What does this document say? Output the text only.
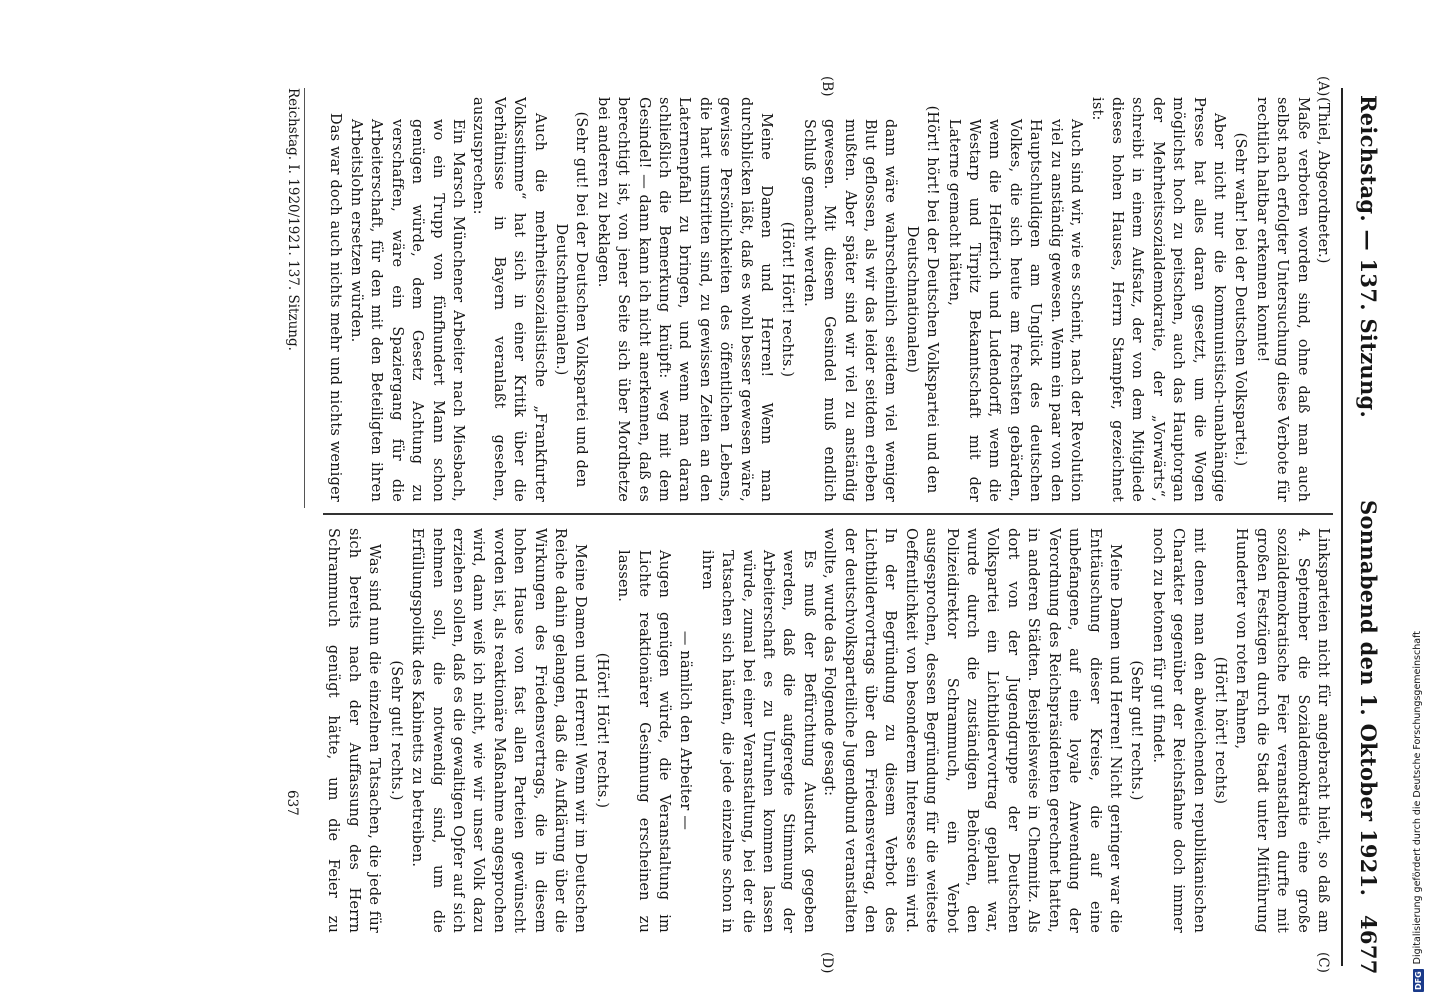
Reichstag. — 137. Sitzung.
Sonnabend den 1. Oktober 1921.
4677
(A)
(B)
(C)
(D)

(Thiel, Abgeordneter.)

Maße verboten worden sind, ohne daß man auch selbst nach erfolgter Untersuchung diese Verbote für rechtlich haltbar erkennen konnte!

(Sehr wahr! bei der Deutschen Volkspartei.)

Aber nicht nur die kommunistisch-unabhängige Presse hat alles daran gesetzt, um die Wogen möglichst hoch zu peitschen, auch das Hauptorgan der Mehrheitssozialdemokratie, der „Vorwärts“, schreibt in einem Aufsatz, der von dem Mitgliede dieses hohen Hauses, Herrn Stampfer, gezeichnet ist:

Auch sind wir, wie es scheint, nach der Revolution viel zu anständig gewesen. Wenn ein paar von den Hauptschuldigen am Unglück des deutschen Volkes, die sich heute am frechsten gebärden, wenn die Helfferich und Ludendorff, wenn die Westarp und Tirpitz Bekanntschaft mit der Laterne gemacht hätten,

(Hört! hört! bei der Deutschen Volkspartei und den Deutschnationalen)

dann wäre wahrscheinlich seitdem viel weniger Blut geflossen, als wir das leider seitdem erleben mußten. Aber später sind wir viel zu anständig gewesen. Mit diesem Gesindel muß endlich Schluß gemacht werden.

(Hört! Hört! rechts.)

Meine Damen und Herren! Wenn man durchblicken läßt, daß es wohl besser gewesen wäre, gewisse Persönlichkeiten des öffentlichen Lebens, die hart umstritten sind, zu gewissen Zeiten an den Laternenpfahl zu bringen, und wenn man daran schließlich die Bemerkung knüpft: weg mit dem Gesindel! — dann kann ich nicht anerkennen, daß es berechtigt ist, von jener Seite sich über Mordhetze bei anderen zu beklagen.

(Sehr gut! bei der Deutschen Volkspartei und den Deutschnationalen.)

Auch die mehrheitssozialistische „Frankfurter Volksstimme“ hat sich in einer Kritik über die Verhältnisse in Bayern veranlaßt gesehen, auszusprechen:

Ein Marsch Münchener Arbeiter nach Miesbach, wo ein Trupp von fünfhundert Mann schon genügen würde, dem Gesetz Achtung zu verschaffen, wäre ein Spaziergang für die Arbeiterschaft, für den mit den Beteiligten ihren Arbeitslohn ersetzen würden.

Das war doch auch nichts mehr und nichts weniger

Linksparteien nicht für angebracht hielt, so daß am 4. September die Sozialdemokratie eine große sozialdemokratische Feier veranstalten durfte mit großen Festzügen durch die Stadt unter Mitführung Hunderter von roten Fahnen,

(Hört! hört! rechts)

mit denen man den abweichenden republikanischen Charakter gegenüber der Reichsfahne doch immer noch zu betonen für gut findet.

(Sehr gut! rechts.)

Meine Damen und Herren! Nicht geringer war die Enttäuschung dieser Kreise, die auf eine unbefangene, auf eine loyale Anwendung der Verordnung des Reichspräsidenten gerechnet hatten, in anderen Städten. Beispielsweise in Chemnitz. Als dort von der Jugendgruppe der Deutschen Volkspartei ein Lichtbildervortrag geplant war, wurde durch die zuständigen Behörden, den Polizeidirektor Schrammuch, ein Verbot ausgesprochen, dessen Begründung für die weiteste Oeffentlichkeit von besonderem Interesse sein wird. In der Begründung zu diesem Verbot des Lichtbildervortrags über den Friedensvertrag, den der deutschvolksparteiliche Jugendbund veranstalten wollte, wurde das Folgende gesagt:

Es muß der Befürchtung Ausdruck gegeben werden, daß die aufgeregte Stimmung der Arbeiterschaft es zu Unruhen kommen lassen würde, zumal bei einer Veranstaltung, bei der die Tatsachen sich häufen, die jede einzelne schon in ihren

— nämlich den Arbeiter —

Augen genügen würde, die Veranstaltung im Lichte reaktionärer Gesinnung erscheinen zu lassen.

(Hört! Hört! rechts.)

Meine Damen und Herren! Wenn wir im Deutschen Reiche dahin gelangen, daß die Aufklärung über die Wirkungen des Friedensvertrags, die in diesem hohen Hause von fast allen Parteien gewünscht worden ist, als reaktionäre Maßnahme angesprochen wird, dann weiß ich nicht, wie wir unser Volk dazu erziehen sollen, daß es die gewaltigen Opfer auf sich nehmen soll, die notwendig sind, um die Erfüllungspolitik des Kabinetts zu betreiben.

(Sehr gut! rechts.)

Was sind nun die einzelnen Tatsachen, die jede für sich bereits nach der Auffassung des Herrn Schrammuch genügt hätte, um die Feier zu

Reichstag. I. 1920/1921. 137. Sitzung.
637
DFG
Digitalisierung gefördert durch die Deutsche Forschungsgemeinschaft
